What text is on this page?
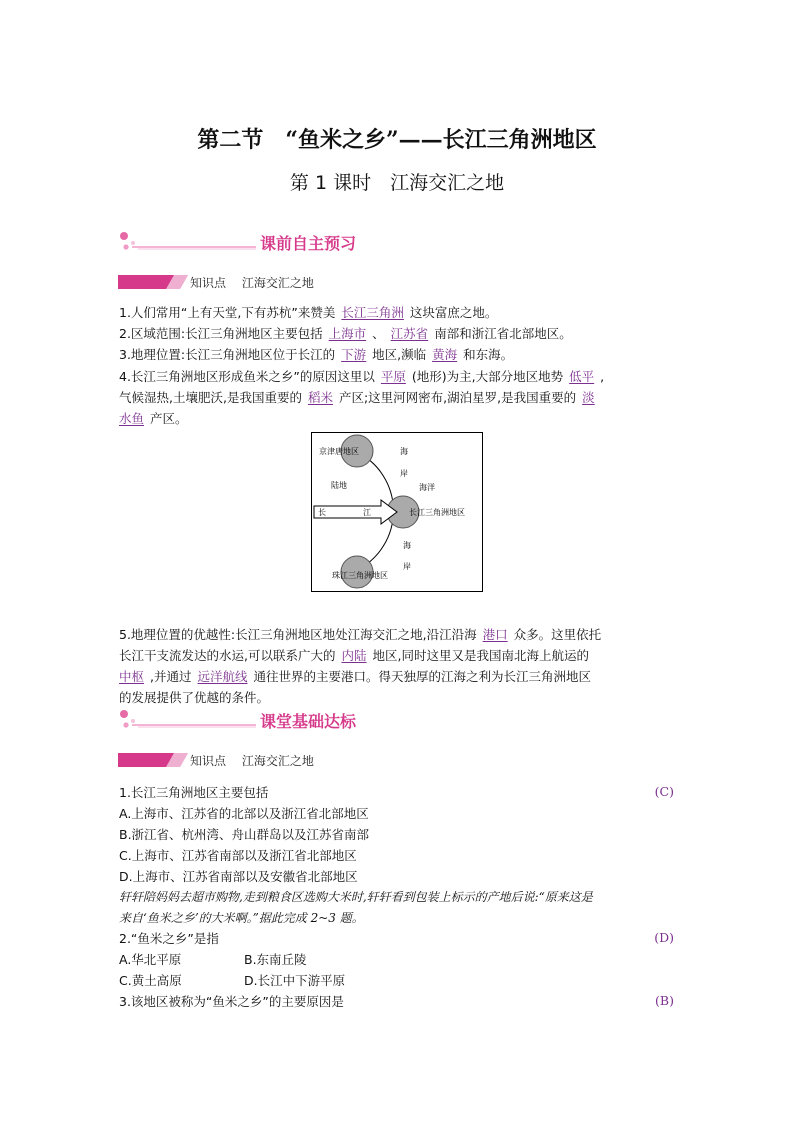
第二节　“鱼米之乡”——长江三角洲地区
第 1 课时　江海交汇之地
课前自主预习
知识点　 江海交汇之地
1.人们常用“上有天堂,下有苏杭”来赞美 长江三角洲 这块富庶之地。
2.区域范围:长江三角洲地区主要包括 上海市 、 江苏省 南部和浙江省北部地区。
3.地理位置:长江三角洲地区位于长江的 下游 地区,濒临 黄海 和东海。
4.长江三角洲地区形成鱼米之乡”的原因这里以 平原 (地形)为主,大部分地区地势 低平 ,
气候湿热,土壤肥沃,是我国重要的 稻米 产区;这里河网密布,湖泊星罗,是我国重要的 淡
水鱼 产区。
京津唐地区
长江三角洲地区
珠江三角洲地区
陆地	海洋
海
岸
海
岸
长	江
5.地理位置的优越性:长江三角洲地区地处江海交汇之地,沿江沿海 港口 众多。这里依托
长江干支流发达的水运,可以联系广大的 内陆 地区,同时这里又是我国南北海上航运的
中枢 ,并通过 远洋航线 通往世界的主要港口。得天独厚的江海之利为长江三角洲地区
的发展提供了优越的条件。
课堂基础达标
知识点　 江海交汇之地
1.长江三角洲地区主要包括	(C)
A.上海市、江苏省的北部以及浙江省北部地区
B.浙江省、杭州湾、舟山群岛以及江苏省南部
C.上海市、江苏省南部以及浙江省北部地区
D.上海市、江苏省南部以及安徽省北部地区
轩轩陪妈妈去超市购物,走到粮食区选购大米时,轩轩看到包装上标示的产地后说:“原来这是
来自‘鱼米之乡’的大米啊。”据此完成 2~3 题。
2.“鱼米之乡”是指	(D)
A.华北平原	B.东南丘陵
C.黄土高原	D.长江中下游平原
3.该地区被称为“鱼米之乡”的主要原因是	(B)
